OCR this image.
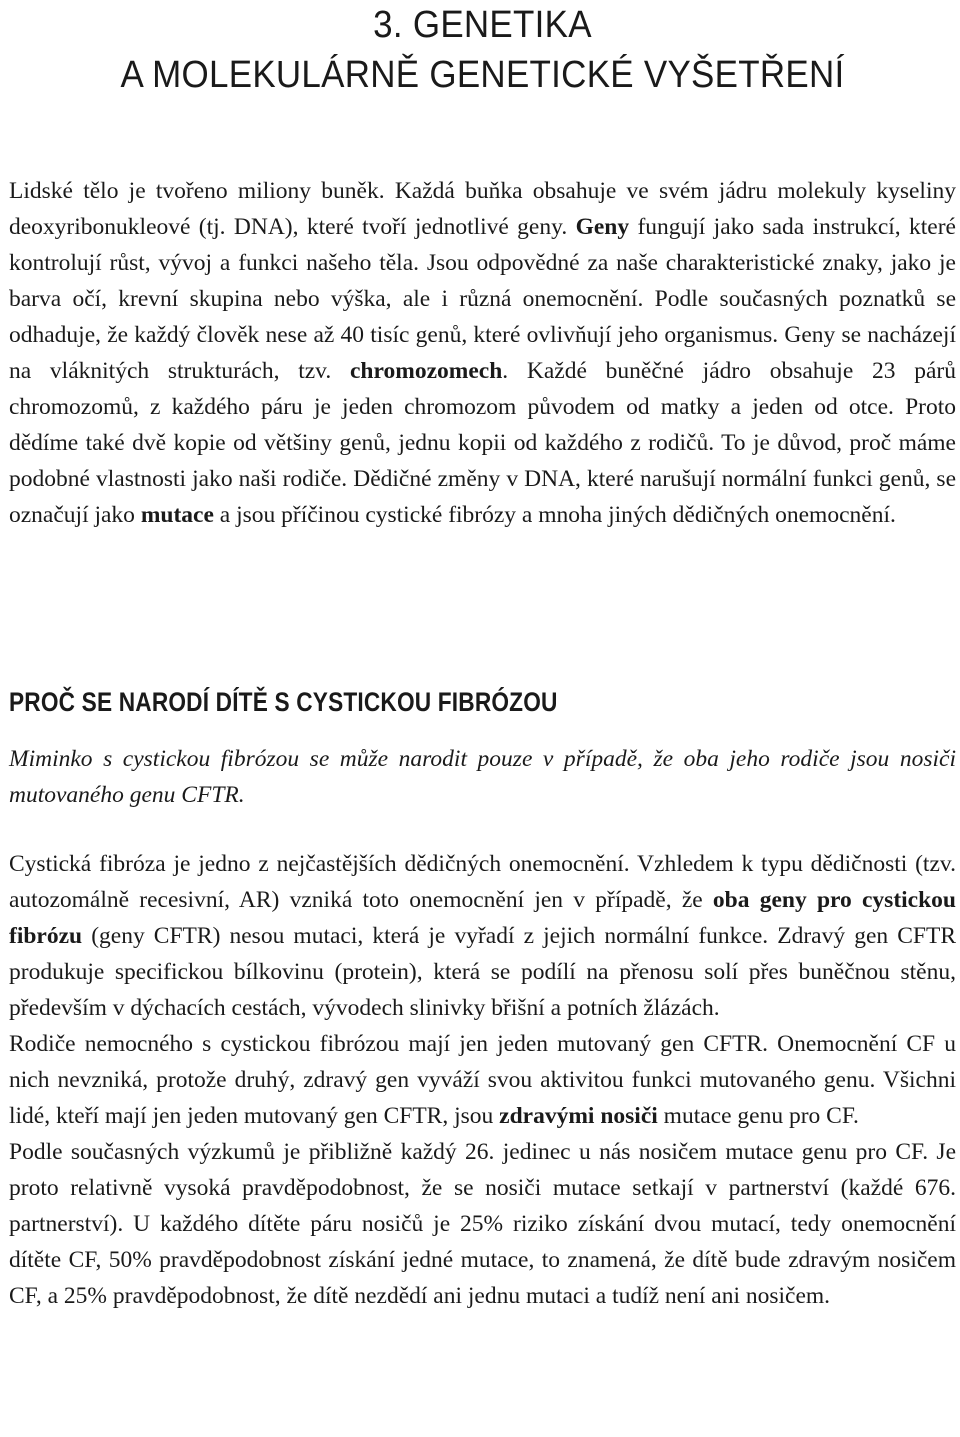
3. GENETIKA
A MOLEKULÁRNĚ GENETICKÉ VYŠETŘENÍ

Lidské tělo je tvořeno miliony buněk. Každá buňka obsahuje ve svém jádru molekuly kyseliny deoxyribonukleové (tj. DNA), které tvoří jednotlivé geny. Geny fungují jako sada instrukcí, které kontrolují růst, vývoj a funkci našeho těla. Jsou odpovědné za naše charakteristické znaky, jako je barva očí, krevní skupina nebo výška, ale i různá onemocnění. Podle současných poznatků se odhaduje, že každý člověk nese až 40 tisíc genů, které ovlivňují jeho organismus. Geny se nacházejí na vláknitých strukturách, tzv. chromozomech. Každé buněčné jádro obsahuje 23 párů chromozomů, z každého páru je jeden chromozom původem od matky a jeden od otce. Proto dědíme také dvě kopie od většiny genů, jednu kopii od každého z rodičů. To je důvod, proč máme podobné vlastnosti jako naši rodiče. Dědičné změny v DNA, které narušují normální funkci genů, se označují jako mutace a jsou příčinou cystické fibrózy a mnoha jiných dědičných onemocnění.

PROČ SE NARODÍ DÍTĚ S CYSTICKOU FIBRÓZOU

Miminko s cystickou fibrózou se může narodit pouze v případě, že oba jeho rodiče jsou nosiči mutovaného genu CFTR.

Cystická fibróza je jedno z nejčastějších dědičných onemocnění. Vzhledem k typu dědičnosti (tzv. autozomálně recesivní, AR) vzniká toto onemocnění jen v případě, že oba geny pro cystickou fibrózu (geny CFTR) nesou mutaci, která je vyřadí z jejich normální funkce. Zdravý gen CFTR produkuje specifickou bílkovinu (protein), která se podílí na přenosu solí přes buněčnou stěnu, především v dýchacích cestách, vývodech slinivky břišní a potních žlázách.

Rodiče nemocného s cystickou fibrózou mají jen jeden mutovaný gen CFTR. Onemocnění CF u nich nevzniká, protože druhý, zdravý gen vyváží svou aktivitou funkci mutovaného genu. Všichni lidé, kteří mají jen jeden mutovaný gen CFTR, jsou zdravými nosiči mutace genu pro CF.

Podle současných výzkumů je přibližně každý 26. jedinec u nás nosičem mutace genu pro CF. Je proto relativně vysoká pravděpodobnost, že se nosiči mutace setkají v partnerství (každé 676. partnerství). U každého dítěte páru nosičů je 25% riziko získání dvou mutací, tedy onemocnění dítěte CF, 50% pravděpodobnost získání jedné mutace, to znamená, že dítě bude zdravým nosičem CF, a 25% pravděpodobnost, že dítě nezdědí ani jednu mutaci a tudíž není ani nosičem.
